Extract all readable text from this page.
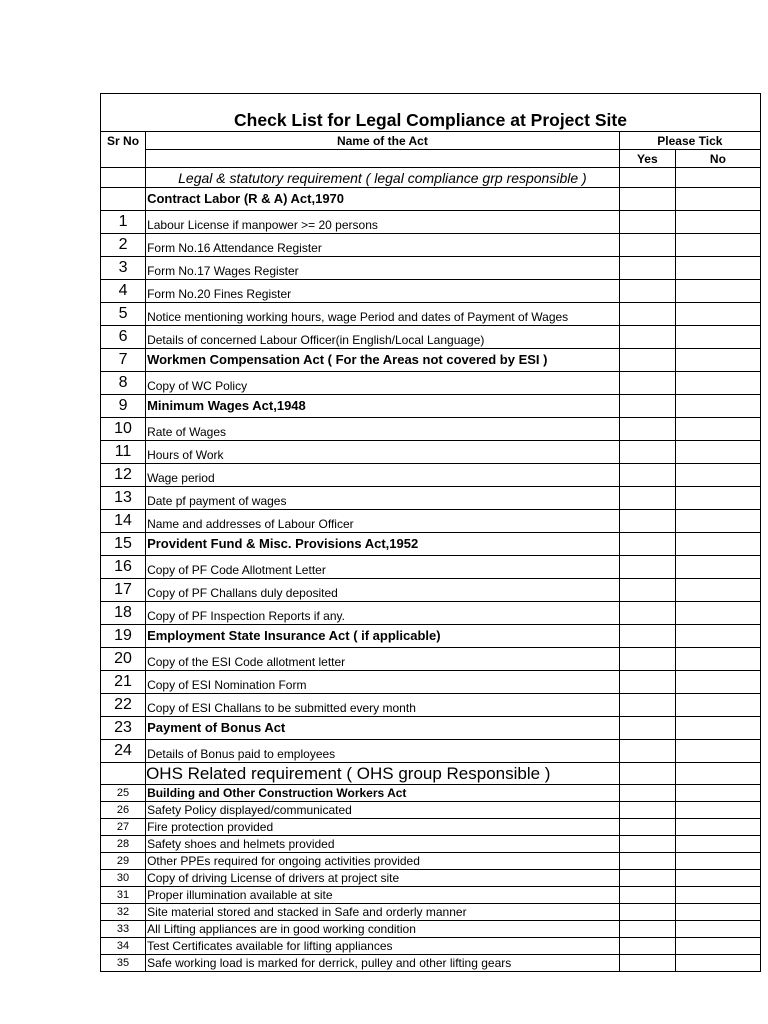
Check List for Legal Compliance at Project Site			
Sr No	Name of the Act	Please Tick	
		Yes	No
	Legal & statutory requirement ( legal compliance grp responsible )		
	Contract Labor (R & A) Act,1970		
1	Labour License if manpower >= 20 persons		
2	Form No.16 Attendance Register		
3	Form No.17 Wages Register		
4	Form No.20 Fines Register		
5	Notice mentioning working hours, wage Period and dates of Payment of Wages		
6	Details of concerned Labour Officer(in English/Local Language)		
7	Workmen Compensation Act ( For the Areas not covered by ESI )		
8	Copy of WC Policy		
9	Minimum Wages Act,1948		
10	Rate of Wages		
11	Hours of Work		
12	Wage period		
13	Date pf payment of wages		
14	Name and addresses of Labour Officer		
15	Provident Fund & Misc. Provisions Act,1952		
16	Copy of PF Code Allotment Letter		
17	Copy of PF Challans duly deposited		
18	Copy of PF Inspection Reports if any.		
19	Employment State Insurance Act ( if applicable)		
20	Copy of the ESI Code allotment letter		
21	Copy of ESI Nomination Form		
22	Copy of ESI Challans to be submitted every month		
23	Payment of Bonus Act		
24	Details of Bonus paid to employees		
	OHS Related requirement ( OHS group Responsible )		
25	Building and Other Construction Workers Act		
26	Safety Policy displayed/communicated		
27	Fire protection provided		
28	Safety shoes and helmets provided		
29	Other PPEs required for ongoing activities provided		
30	Copy of driving License of drivers at project site		
31	Proper illumination available at site		
32	Site material stored and stacked in Safe and orderly manner		
33	All Lifting appliances are in good working condition		
34	Test Certificates available for lifting appliances		
35	Safe working load is marked for derrick, pulley and other lifting gears		
